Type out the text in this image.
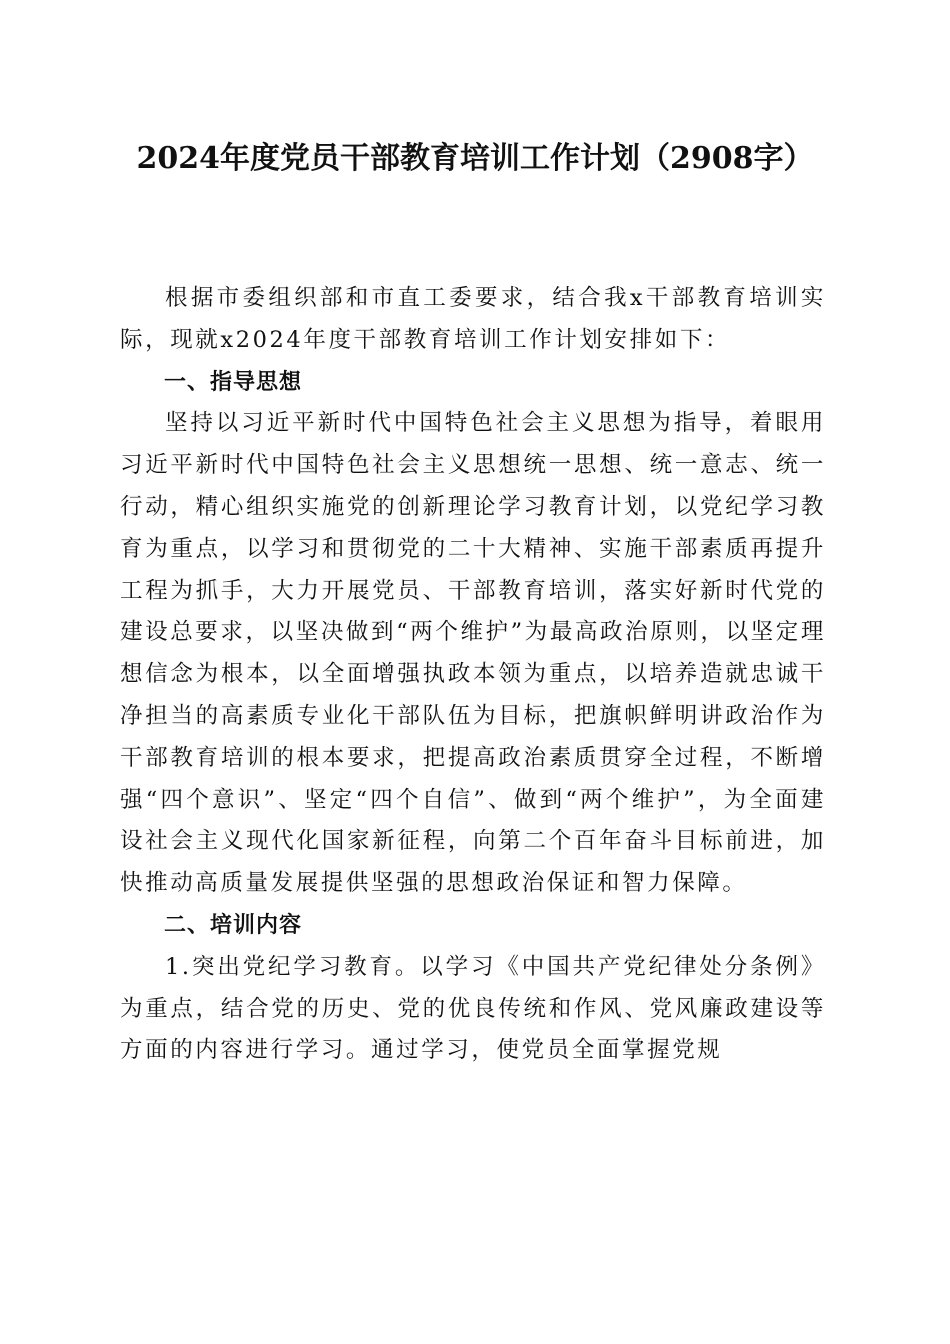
2024年度党员干部教育培训工作计划（2908字）

根据市委组织部和市直工委要求，结合我x干部教育培训实际，现就x2024年度干部教育培训工作计划安排如下：

一、指导思想

坚持以习近平新时代中国特色社会主义思想为指导，着眼用习近平新时代中国特色社会主义思想统一思想、统一意志、统一行动，精心组织实施党的创新理论学习教育计划，以党纪学习教育为重点，以学习和贯彻党的二十大精神、实施干部素质再提升工程为抓手，大力开展党员、干部教育培训，落实好新时代党的建设总要求，以坚决做到“两个维护”为最高政治原则，以坚定理想信念为根本，以全面增强执政本领为重点，以培养造就忠诚干净担当的高素质专业化干部队伍为目标，把旗帜鲜明讲政治作为干部教育培训的根本要求，把提高政治素质贯穿全过程，不断增强“四个意识”、坚定“四个自信”、做到“两个维护”，为全面建设社会主义现代化国家新征程，向第二个百年奋斗目标前进，加快推动高质量发展提供坚强的思想政治保证和智力保障。

二、培训内容

1.突出党纪学习教育。以学习《中国共产党纪律处分条例》为重点，结合党的历史、党的优良传统和作风、党风廉政建设等方面的内容进行学习。通过学习，使党员全面掌握党规
